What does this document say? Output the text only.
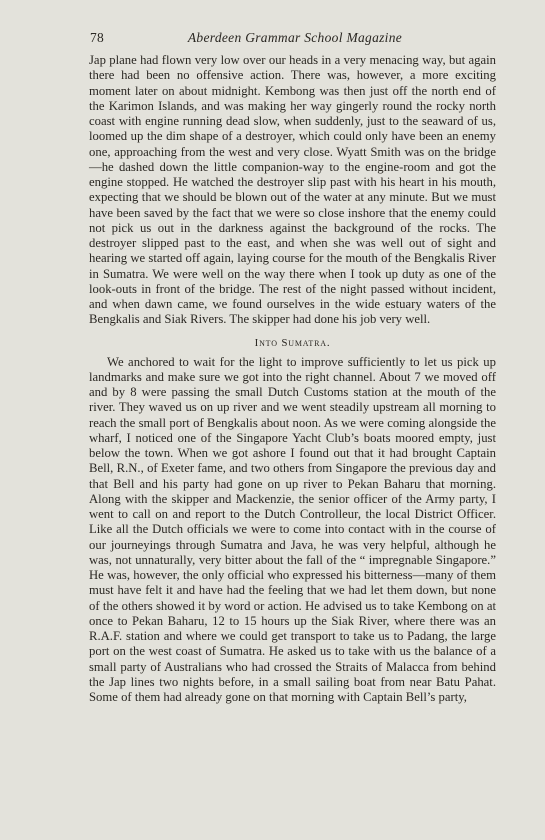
78	Aberdeen Grammar School Magazine

Jap plane had flown very low over our heads in a very menacing way, but again there had been no offensive action. There was, however, a more exciting moment later on about midnight. Kembong was then just off the north end of the Karimon Islands, and was making her way gingerly round the rocky north coast with engine running dead slow, when suddenly, just to the seaward of us, loomed up the dim shape of a destroyer, which could only have been an enemy one, approaching from the west and very close. Wyatt Smith was on the bridge—he dashed down the little companion-way to the engine-room and got the engine stopped. He watched the destroyer slip past with his heart in his mouth, expecting that we should be blown out of the water at any minute. But we must have been saved by the fact that we were so close inshore that the enemy could not pick us out in the darkness against the background of the rocks. The destroyer slipped past to the east, and when she was well out of sight and hearing we started off again, laying course for the mouth of the Bengkalis River in Sumatra. We were well on the way there when I took up duty as one of the look-outs in front of the bridge. The rest of the night passed without incident, and when dawn came, we found ourselves in the wide estuary waters of the Bengkalis and Siak Rivers. The skipper had done his job very well.

Into Sumatra.

We anchored to wait for the light to improve sufficiently to let us pick up landmarks and make sure we got into the right channel. About 7 we moved off and by 8 were passing the small Dutch Customs station at the mouth of the river. They waved us on up river and we went steadily upstream all morning to reach the small port of Bengkalis about noon. As we were coming alongside the wharf, I noticed one of the Singapore Yacht Club’s boats moored empty, just below the town. When we got ashore I found out that it had brought Captain Bell, R.N., of Exeter fame, and two others from Singapore the previous day and that Bell and his party had gone on up river to Pekan Baharu that morning. Along with the skipper and Mackenzie, the senior officer of the Army party, I went to call on and report to the Dutch Controlleur, the local District Officer. Like all the Dutch officials we were to come into contact with in the course of our journeyings through Sumatra and Java, he was very helpful, although he was, not unnaturally, very bitter about the fall of the “ impregnable Singapore.” He was, however, the only official who expressed his bitterness—many of them must have felt it and have had the feeling that we had let them down, but none of the others showed it by word or action. He advised us to take Kembong on at once to Pekan Baharu, 12 to 15 hours up the Siak River, where there was an R.A.F. station and where we could get transport to take us to Padang, the large port on the west coast of Sumatra. He asked us to take with us the balance of a small party of Australians who had crossed the Straits of Malacca from behind the Jap lines two nights before, in a small sailing boat from near Batu Pahat. Some of them had already gone on that morning with Captain Bell’s party,
